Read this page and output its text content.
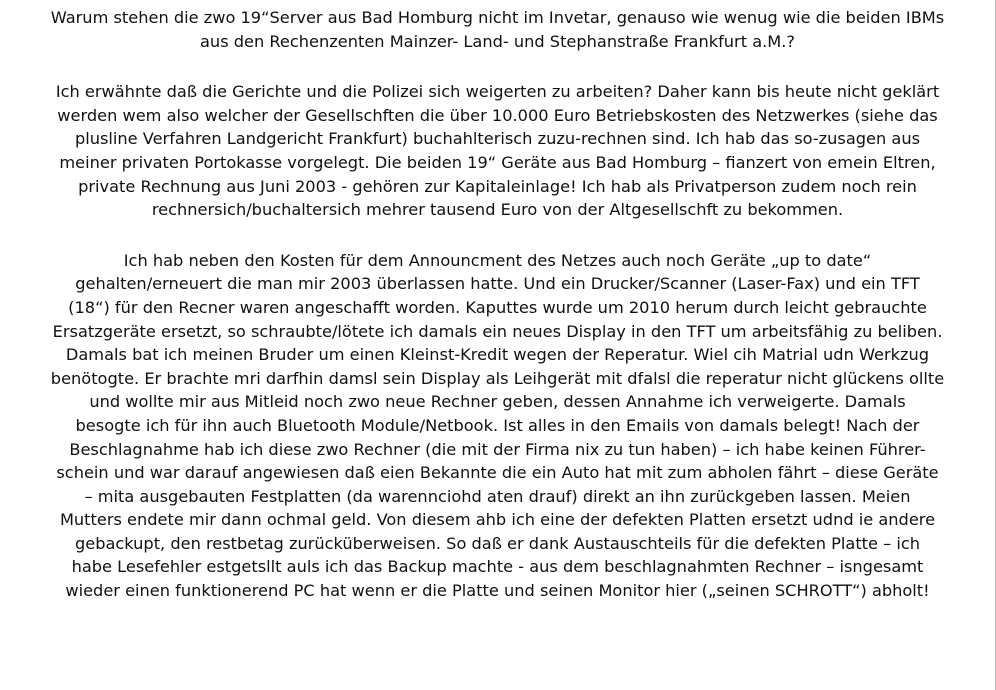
Warum stehen die zwo 19“Server aus Bad Homburg nicht im Invetar, genauso wie wenug wie die beiden IBMs
aus den Rechenzenten Mainzer- Land- und Stephanstraße Frankfurt a.M.?

Ich erwähnte daß die Gerichte und die Polizei sich weigerten zu arbeiten? Daher kann bis heute nicht geklärt
werden wem also welcher der Gesellschften die über 10.000 Euro Betriebskosten des Netzwerkes (siehe das
plusline Verfahren Landgericht Frankfurt) buchahlterisch zuzu-rechnen sind. Ich hab das so-zusagen aus
meiner privaten Portokasse vorgelegt. Die beiden 19“ Geräte aus Bad Homburg – fianzert von emein Eltren,
private Rechnung aus Juni 2003 - gehören zur Kapitaleinlage! Ich hab als Privatperson zudem noch rein
rechnersich/buchaltersich mehrer tausend Euro von der Altgesellschft zu bekommen.

Ich hab neben den Kosten für dem Announcment des Netzes auch noch Geräte „up to date“
gehalten/erneuert die man mir 2003 überlassen hatte. Und ein Drucker/Scanner (Laser-Fax) und ein TFT
(18“) für den Recner waren angeschafft worden. Kaputtes wurde um 2010 herum durch leicht gebrauchte
Ersatzgeräte ersetzt, so schraubte/lötete ich damals ein neues Display in den TFT um arbeitsfähig zu beliben.
Damals bat ich meinen Bruder um einen Kleinst-Kredit wegen der Reperatur. Wiel cih Matrial udn Werkzug
benötogte. Er brachte mri darfhin damsl sein Display als Leihgerät mit dfalsl die reperatur nicht glückens ollte
und wollte mir aus Mitleid noch zwo neue Rechner geben, dessen Annahme ich verweigerte. Damals
besogte ich für ihn auch Bluetooth Module/Netbook. Ist alles in den Emails von damals belegt! Nach der
Beschlagnahme hab ich diese zwo Rechner (die mit der Firma nix zu tun haben) – ich habe keinen Führer-
schein und war darauf angewiesen daß eien Bekannte die ein Auto hat mit zum abholen fährt – diese Geräte
– mita ausgebauten Festplatten (da warennciohd aten drauf) direkt an ihn zurückgeben lassen. Meien
Mutters endete mir dann ochmal geld. Von diesem ahb ich eine der defekten Platten ersetzt udnd ie andere
gebackupt, den restbetag zurücküberweisen. So daß er dank Austauschteils für die defekten Platte – ich
habe Lesefehler estgetsllt auls ich das Backup machte - aus dem beschlagnahmten Rechner – isngesamt
wieder einen funktionerend PC hat wenn er die Platte und seinen Monitor hier („seinen SCHROTT“) abholt!
